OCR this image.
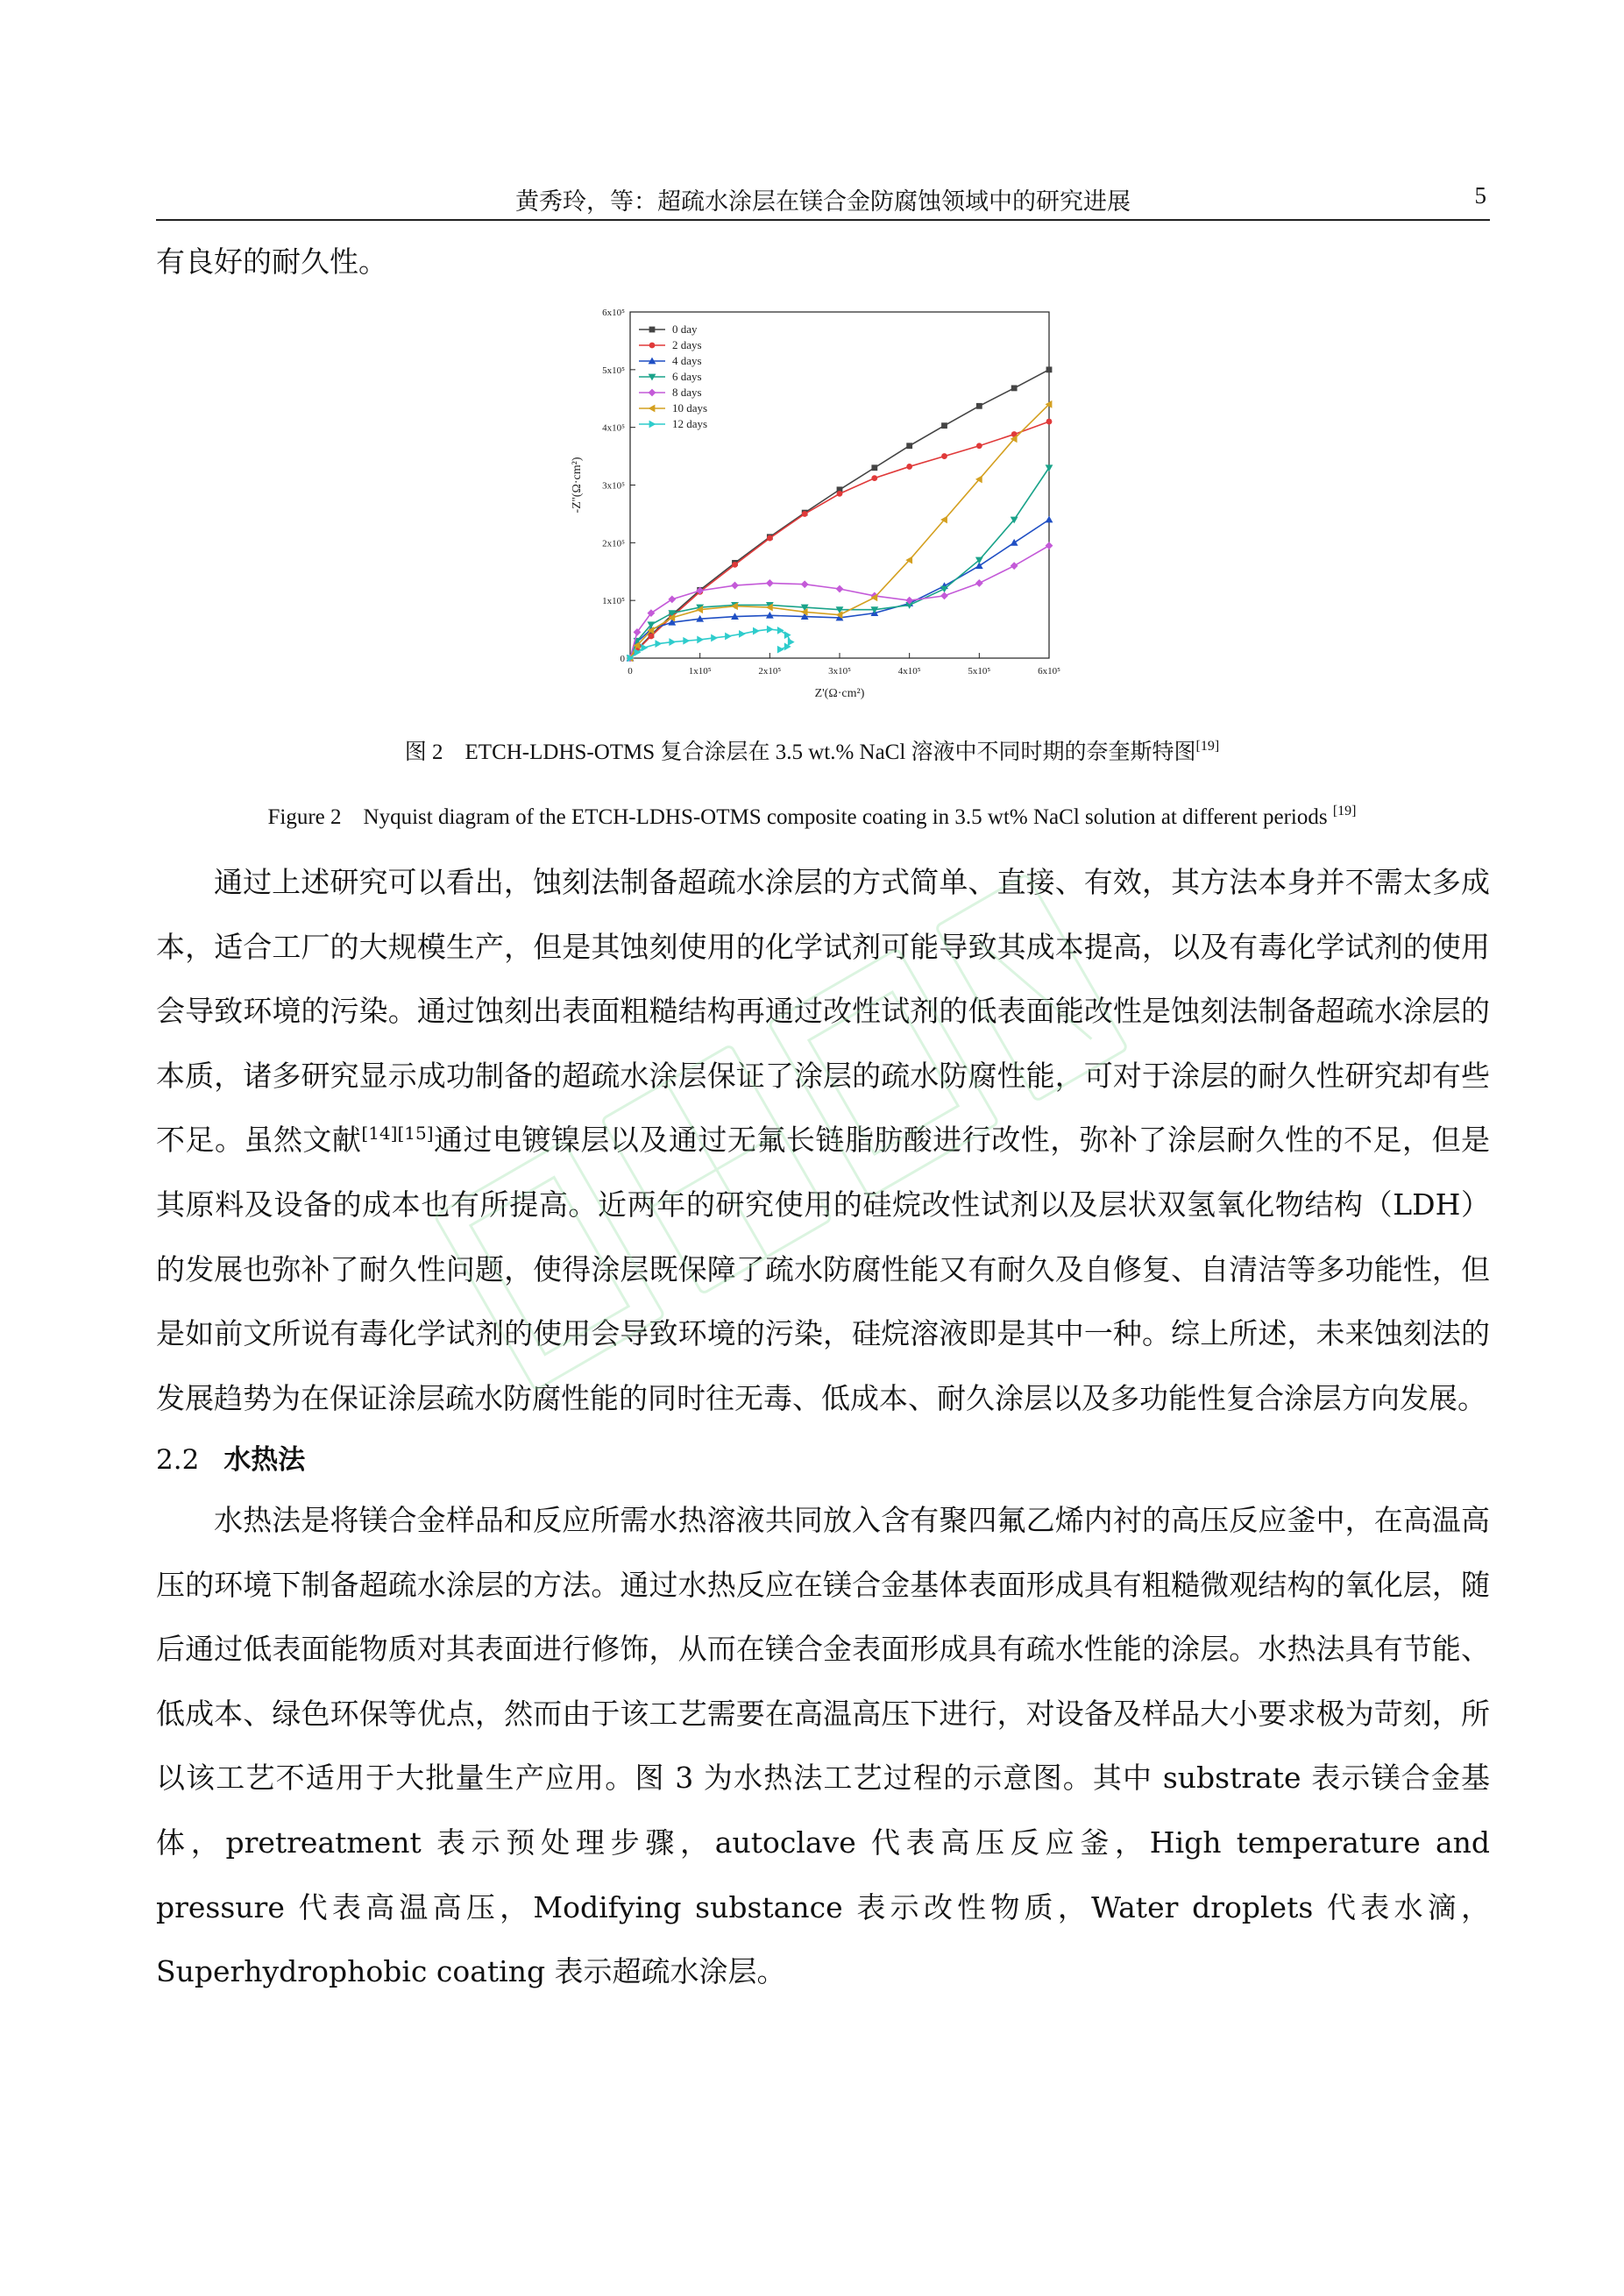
黄秀玲，等：超疏水涂层在镁合金防腐蚀领域中的研究进展	5

有良好的耐久性。

0	1x10⁵	2x10⁵	3x10⁵	4x10⁵	5x10⁵	6x10⁵
0
1x10⁵
2x10⁵
3x10⁵
4x10⁵
5x10⁵
6x10⁵
Z'(Ω·cm²)
-Z''(Ω·cm²)
0 day
2 days
4 days
6 days
8 days
10 days
12 days
图 2　ETCH-LDHS-OTMS 复合涂层在 3.5 wt.% NaCl 溶液中不同时期的奈奎斯特图[19]
Figure 2　Nyquist diagram of the ETCH-LDHS-OTMS composite coating in 3.5 wt% NaCl solution at different periods [19]

通过上述研究可以看出，蚀刻法制备超疏水涂层的方式简单、直接、有效，其方法本身并不需太多成本，适合工厂的大规模生产，但是其蚀刻使用的化学试剂可能导致其成本提高，以及有毒化学试剂的使用会导致环境的污染。通过蚀刻出表面粗糙结构再通过改性试剂的低表面能改性是蚀刻法制备超疏水涂层的本质，诸多研究显示成功制备的超疏水涂层保证了涂层的疏水防腐性能，可对于涂层的耐久性研究却有些不足。虽然文献[14][15]通过电镀镍层以及通过无氟长链脂肪酸进行改性，弥补了涂层耐久性的不足，但是其原料及设备的成本也有所提高。近两年的研究使用的硅烷改性试剂以及层状双氢氧化物结构（LDH）的发展也弥补了耐久性问题，使得涂层既保障了疏水防腐性能又有耐久及自修复、自清洁等多功能性，但是如前文所说有毒化学试剂的使用会导致环境的污染，硅烷溶液即是其中一种。综上所述，未来蚀刻法的发展趋势为在保证涂层疏水防腐性能的同时往无毒、低成本、耐久涂层以及多功能性复合涂层方向发展。

2.2 水热法

水热法是将镁合金样品和反应所需水热溶液共同放入含有聚四氟乙烯内衬的高压反应釜中，在高温高压的环境下制备超疏水涂层的方法。通过水热反应在镁合金基体表面形成具有粗糙微观结构的氧化层，随后通过低表面能物质对其表面进行修饰，从而在镁合金表面形成具有疏水性能的涂层。水热法具有节能、低成本、绿色环保等优点，然而由于该工艺需要在高温高压下进行，对设备及样品大小要求极为苛刻，所以该工艺不适用于大批量生产应用。图 3 为水热法工艺过程的示意图。其中 substrate 表示镁合金基体，pretreatment 表示预处理步骤，autoclave 代表高压反应釜，High temperature and pressure 代表高温高压，Modifying substance 表示改性物质，Water droplets 代表水滴，Superhydrophobic coating 表示超疏水涂层。
